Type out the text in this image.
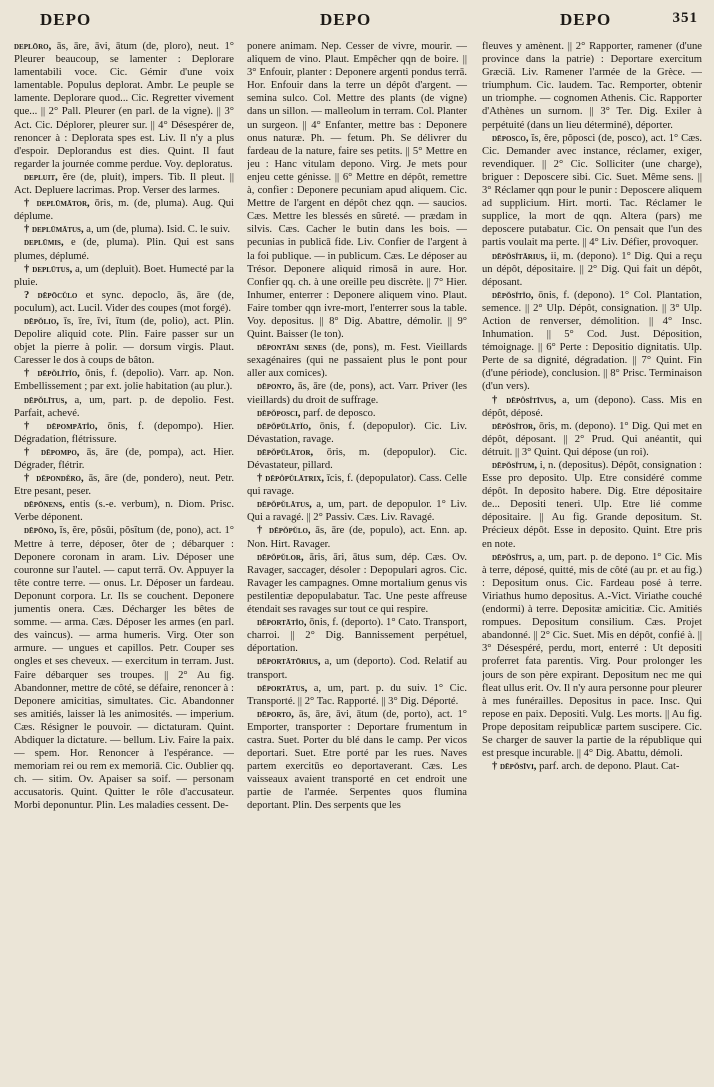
DEPO	DEPO	DEPO	351

deplōro, ās, āre, āvi, ātum (de, ploro), neut. 1° Pleurer beaucoup, se lamenter : Deplorare lamentabili voce. Cic. Gémir d'une voix lamentable. Populus deplorat. Ambr. Le peuple se lamente. Deplorare quod... Cic. Regretter vivement que... || 2° Pall. Pleurer (en parl. de la vigne). || 3° Act. Cic. Déplorer, pleurer sur. || 4° Désespérer de, renoncer à : Deplorata spes est. Liv. Il n'y a plus d'espoir. Deplorandus est dies. Quint. Il faut regarder la journée comme perdue. Voy. deploratus.

depluit, ĕre (de, pluit), impers. Tib. Il pleut. || Act. Depluere lacrimas. Prop. Verser des larmes.

† deplūmātor, ōris, m. (de, pluma). Aug. Qui déplume.

† deplūmātus, a, um (de, pluma). Isid. C. le suiv.

deplūmis, e (de, pluma). Plin. Qui est sans plumes, déplumé.

† deplūtus, a, um (depluit). Boet. Humecté par la pluie.

? dēpōcŭlo et sync. depoclo, ās, āre (de, poculum), act. Lucil. Vider des coupes (mot forgé).

dēpŏlio, īs, īre, īvi, ītum (de, polio), act. Plin. Depolire aliquid cote. Plin. Faire passer sur un objet la pierre à polir. — dorsum virgis. Plaut. Caresser le dos à coups de bâton.

† dēpŏlītĭo, ōnis, f. (depolio). Varr. ap. Non. Embellissement ; par ext. jolie habitation (au plur.).

dēpŏlītus, a, um, part. p. de depolio. Fest. Parfait, achevé.

† dēpompātĭo, ōnis, f. (depompo). Hier. Dégradation, flétrissure.

† dēpompo, ās, āre (de, pompa), act. Hier. Dégrader, flétrir.

† dēpondĕro, ās, āre (de, pondero), neut. Petr. Etre pesant, peser.

dēpōnens, entis (s.-e. verbum), n. Diom. Prisc. Verbe déponent.

dēpōno, ĭs, ĕre, pŏsŭi, pŏsĭtum (de, pono), act. 1° Mettre à terre, déposer, ôter de ; débarquer : Deponere coronam in aram. Liv. Déposer une couronne sur l'autel. — caput terrā. Ov. Appuyer la tête contre terre. — onus. Lr. Déposer un fardeau. Deponunt corpora. Lr. Ils se couchent. Deponere jumentis onera. Cæs. Décharger les bêtes de somme. — arma. Cæs. Déposer les armes (en parl. des vaincus). — arma humeris. Virg. Oter son armure. — ungues et capillos. Petr. Couper ses ongles et ses cheveux. — exercitum in terram. Just. Faire débarquer ses troupes. || 2° Au fig. Abandonner, mettre de côté, se défaire, renoncer à : Deponere amicitias, simultates. Cic. Abandonner ses amitiés, laisser là les animosités. — imperium. Cæs. Résigner le pouvoir. — dictaturam. Quint. Abdiquer la dictature. — bellum. Liv. Faire la paix. — spem. Hor. Renoncer à l'espérance. — memoriam rei ou rem ex memoriā. Cic. Oublier qq. ch. — sitim. Ov. Apaiser sa soif. — personam accusatoris. Quint. Quitter le rôle d'accusateur. Morbi deponuntur. Plin. Les maladies cessent. De-

ponere animam. Nep. Cesser de vivre, mourir. — aliquem de vino. Plaut. Empêcher qqn de boire. || 3° Enfouir, planter : Deponere argenti pondus terrā. Hor. Enfouir dans la terre un dépôt d'argent. — semina sulco. Col. Mettre des plants (de vigne) dans un sillon. — malleolum in terram. Col. Planter un surgeon. || 4° Enfanter, mettre bas : Deponere onus naturæ. Ph. — fetum. Ph. Se délivrer du fardeau de la nature, faire ses petits. || 5° Mettre en jeu : Hanc vitulam depono. Virg. Je mets pour enjeu cette génisse. || 6° Mettre en dépôt, remettre à, confier : Deponere pecuniam apud aliquem. Cic. Mettre de l'argent en dépôt chez qqn. — saucios. Cæs. Mettre les blessés en sûreté. — prædam in silvis. Cæs. Cacher le butin dans les bois. — pecunias in publicā fide. Liv. Confier de l'argent à la foi publique. — in publicum. Cæs. Le déposer au Trésor. Deponere aliquid rimosā in aure. Hor. Confier qq. ch. à une oreille peu discrète. || 7° Hier. Inhumer, enterrer : Deponere aliquem vino. Plaut. Faire tomber qqn ivre-mort, l'enterrer sous la table. Voy. depositus. || 8° Dig. Abattre, démolir. || 9° Quint. Baisser (le ton).

dēpontāni senes (de, pons), m. Fest. Vieillards sexagénaires (qui ne passaient plus le pont pour aller aux comices).

dēponto, ās, āre (de, pons), act. Varr. Priver (les vieillards) du droit de suffrage.

dēpŏposci, parf. de deposco.

dēpŏpŭlātĭo, ōnis, f. (depopulor). Cic. Liv. Dévastation, ravage.

dēpŏpŭlātor, ōris, m. (depopulor). Cic. Dévastateur, pillard.

† dēpŏpŭlātrix, īcis, f. (depopulator). Cass. Celle qui ravage.

dēpŏpŭlātus, a, um, part. de depopulor. 1° Liv. Qui a ravagé. || 2° Passiv. Cæs. Liv. Ravagé.

† dēpŏpŭlo, ās, āre (de, populo), act. Enn. ap. Non. Hirt. Ravager.

dēpŏpŭlor, āris, āri, ātus sum, dép. Cæs. Ov. Ravager, saccager, désoler : Depopulari agros. Cic. Ravager les campagnes. Omne mortalium genus vis pestilentiæ depopulabatur. Tac. Une peste affreuse étendait ses ravages sur tout ce qui respire.

dēportātĭo, ōnis, f. (deporto). 1° Cato. Transport, charroi. || 2° Dig. Bannissement perpétuel, déportation.

dēportātōrius, a, um (deporto). Cod. Relatif au transport.

dēportātus, a, um, part. p. du suiv. 1° Cic. Transporté. || 2° Tac. Rapporté. || 3° Dig. Déporté.

dēporto, ās, āre, āvi, ātum (de, porto), act. 1° Emporter, transporter : Deportare frumentum in castra. Suet. Porter du blé dans le camp. Per vicos deportari. Suet. Etre porté par les rues. Naves partem exercitūs eo deportaverant. Cæs. Les vaisseaux avaient transporté en cet endroit une partie de l'armée. Serpentes quos flumina deportant. Plin. Des serpents que les

fleuves y amènent. || 2° Rapporter, ramener (d'une province dans la patrie) : Deportare exercitum Græciā. Liv. Ramener l'armée de la Grèce. — triumphum. Cic. laudem. Tac. Remporter, obtenir un triomphe. — cognomen Athenis. Cic. Rapporter d'Athènes un surnom. || 3° Ter. Dig. Exiler à perpétuité (dans un lieu déterminé), déporter.

dēposco, ĭs, ĕre, pŏposci (de, posco), act. 1° Cæs. Cic. Demander avec instance, réclamer, exiger, revendiquer. || 2° Cic. Solliciter (une charge), briguer : Deposcere sibi. Cic. Suet. Même sens. || 3° Réclamer qqn pour le punir : Deposcere aliquem ad supplicium. Hirt. morti. Tac. Réclamer le supplice, la mort de qqn. Altera (pars) me deposcere putabatur. Cic. On pensait que l'un des partis voulait ma perte. || 4° Liv. Défier, provoquer.

dēpŏsĭtārius, ii, m. (depono). 1° Dig. Qui a reçu un dépôt, dépositaire. || 2° Dig. Qui fait un dépôt, déposant.

dēpŏsĭtĭo, ōnis, f. (depono). 1° Col. Plantation, semence. || 2° Ulp. Dépôt, consignation. || 3° Ulp. Action de renverser, démolition. || 4° Insc. Inhumation. || 5° Cod. Just. Déposition, témoignage. || 6° Perte : Depositio dignitatis. Ulp. Perte de sa dignité, dégradation. || 7° Quint. Fin (d'une période), conclusion. || 8° Prisc. Terminaison (d'un vers).

† dēpŏsĭtīvus, a, um (depono). Cass. Mis en dépôt, déposé.

dēpŏsĭtor, ōris, m. (depono). 1° Dig. Qui met en dépôt, déposant. || 2° Prud. Qui anéantit, qui détruit. || 3° Quint. Qui dépose (un roi).

dēpŏsĭtum, i, n. (depositus). Dépôt, consignation : Esse pro deposito. Ulp. Etre considéré comme dépôt. In deposito habere. Dig. Etre dépositaire de... Depositi teneri. Ulp. Etre lié comme dépositaire. || Au fig. Grande depositum. St. Précieux dépôt. Esse in deposito. Quint. Etre pris en note.

dēpŏsĭtus, a, um, part. p. de depono. 1° Cic. Mis à terre, déposé, quitté, mis de côté (au pr. et au fig.) : Depositum onus. Cic. Fardeau posé à terre. Viriathus humo depositus. A.-Vict. Viriathe couché (endormi) à terre. Depositæ amicitiæ. Cic. Amitiés rompues. Depositum consilium. Cæs. Projet abandonné. || 2° Cic. Suet. Mis en dépôt, confié à. || 3° Désespéré, perdu, mort, enterré : Ut depositi proferret fata parentis. Virg. Pour prolonger les jours de son père expirant. Depositum nec me qui fleat ullus erit. Ov. Il n'y aura personne pour pleurer à mes funérailles. Depositus in pace. Insc. Qui repose en paix. Depositi. Vulg. Les morts. || Au fig. Prope depositam reipublicæ partem suscipere. Cic. Se charger de sauver la partie de la république qui est presque incurable. || 4° Dig. Abattu, démoli.

† dēpŏsīvi, parf. arch. de depono. Plaut. Cat-
